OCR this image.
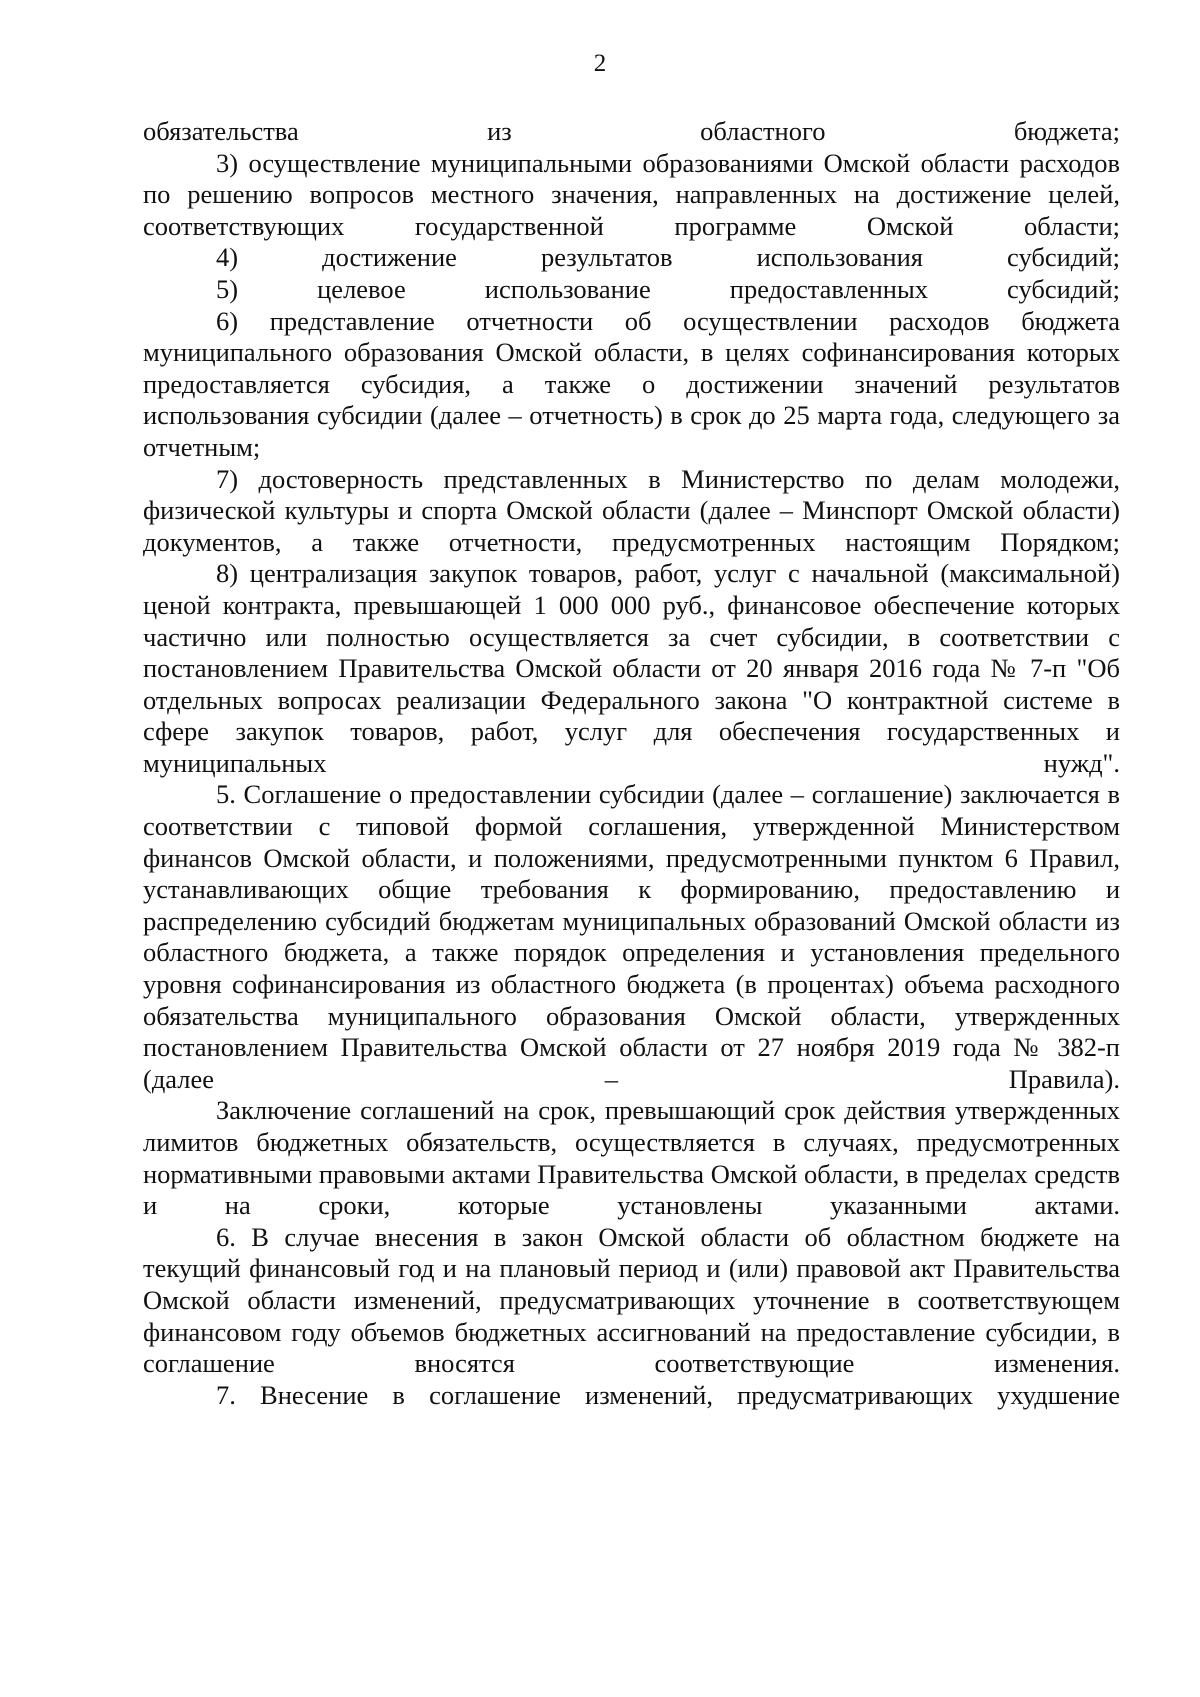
2

обязательства из областного бюджета;

3) осуществление муниципальными образованиями Омской области расходов по решению вопросов местного значения, направленных на достижение целей, соответствующих государственной программе Омской области;

4) достижение результатов использования субсидий;

5) целевое использование предоставленных субсидий;

6) представление отчетности об осуществлении расходов бюджета муниципального образования Омской области, в целях софинансирования которых предоставляется субсидия, а также о достижении значений результатов использования субсидии (далее – отчетность) в срок до 25 марта года, следующего за отчетным;

7) достоверность представленных в Министерство по делам молодежи, физической культуры и спорта Омской области (далее – Минспорт Омской области) документов, а также отчетности, предусмотренных настоящим Порядком;

8) централизация закупок товаров, работ, услуг с начальной (максимальной) ценой контракта, превышающей 1 000 000 руб., финансовое обеспечение которых частично или полностью осуществляется за счет субсидии, в соответствии с постановлением Правительства Омской области от 20 января 2016 года № 7-п "Об отдельных вопросах реализации Федерального закона "О контрактной системе в сфере закупок товаров, работ, услуг для обеспечения государственных и муниципальных нужд".

5. Соглашение о предоставлении субсидии (далее – соглашение) заключается в соответствии с типовой формой соглашения, утвержденной Министерством финансов Омской области, и положениями, предусмотренными пунктом 6 Правил, устанавливающих общие требования к формированию, предоставлению и распределению субсидий бюджетам муниципальных образований Омской области из областного бюджета, а также порядок определения и установления предельного уровня софинансирования из областного бюджета (в процентах) объема расходного обязательства муниципального образования Омской области, утвержденных постановлением Правительства Омской области от 27 ноября 2019 года № 382-п (далее – Правила).

Заключение соглашений на срок, превышающий срок действия утвержденных лимитов бюджетных обязательств, осуществляется в случаях, предусмотренных нормативными правовыми актами Правительства Омской области, в пределах средств и на сроки, которые установлены указанными актами.

6. В случае внесения в закон Омской области об областном бюджете на текущий финансовый год и на плановый период и (или) правовой акт Правительства Омской области изменений, предусматривающих уточнение в соответствующем финансовом году объемов бюджетных ассигнований на предоставление субсидии, в соглашение вносятся соответствующие изменения.

7. Внесение в соглашение изменений, предусматривающих ухудшение
